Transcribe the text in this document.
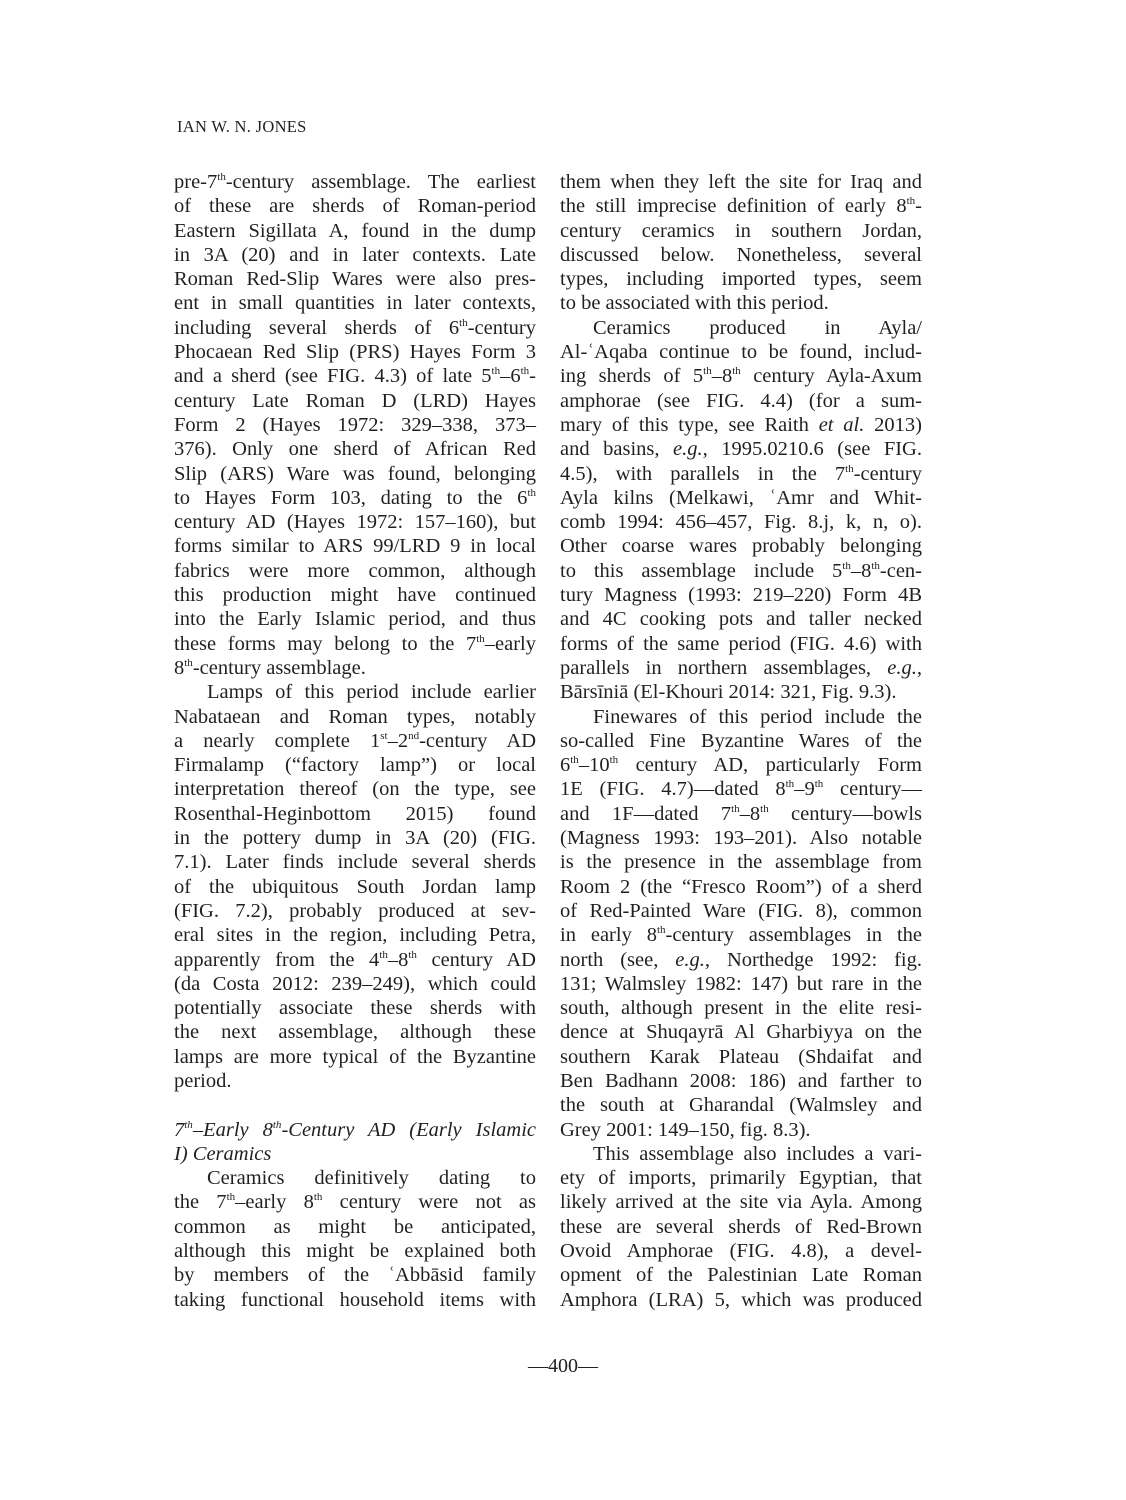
IAN W. N. JONES
pre-7th-century assemblage. The earliest
of these are sherds of Roman-period
Eastern Sigillata A, found in the dump
in 3A (20) and in later contexts. Late
Roman Red-Slip Wares were also pres-
ent in small quantities in later contexts,
including several sherds of 6th-century
Phocaean Red Slip (PRS) Hayes Form 3
and a sherd (see FIG. 4.3) of late 5th–6th-
century Late Roman D (LRD) Hayes
Form 2 (Hayes 1972: 329–338, 373–
376). Only one sherd of African Red
Slip (ARS) Ware was found, belonging
to Hayes Form 103, dating to the 6th
century AD (Hayes 1972: 157–160), but
forms similar to ARS 99/LRD 9 in local
fabrics were more common, although
this production might have continued
into the Early Islamic period, and thus
these forms may belong to the 7th–early
8th-century assemblage.
Lamps of this period include earlier
Nabataean and Roman types, notably
a nearly complete 1st–2nd-century AD
Firmalamp (“factory lamp”) or local
interpretation thereof (on the type, see
Rosenthal-Heginbottom 2015) found
in the pottery dump in 3A (20) (FIG.
7.1). Later finds include several sherds
of the ubiquitous South Jordan lamp
(FIG. 7.2), probably produced at sev-
eral sites in the region, including Petra,
apparently from the 4th–8th century AD
(da Costa 2012: 239–249), which could
potentially associate these sherds with
the next assemblage, although these
lamps are more typical of the Byzantine
period.
7th–Early 8th-Century AD (Early Islamic
I) Ceramics
Ceramics definitively dating to
the 7th–early 8th century were not as
common as might be anticipated,
although this might be explained both
by members of the ʿAbbāsid family
taking functional household items with
them when they left the site for Iraq and
the still imprecise definition of early 8th-
century ceramics in southern Jordan,
discussed below. Nonetheless, several
types, including imported types, seem
to be associated with this period.
Ceramics produced in Ayla/
Al-ʿAqaba continue to be found, includ-
ing sherds of 5th–8th century Ayla-Axum
amphorae (see FIG. 4.4) (for a sum-
mary of this type, see Raith et al. 2013)
and basins, e.g., 1995.0210.6 (see FIG.
4.5), with parallels in the 7th-century
Ayla kilns (Melkawi, ʿAmr and Whit-
comb 1994: 456–457, Fig. 8.j, k, n, o).
Other coarse wares probably belonging
to this assemblage include 5th–8th-cen-
tury Magness (1993: 219–220) Form 4B
and 4C cooking pots and taller necked
forms of the same period (FIG. 4.6) with
parallels in northern assemblages, e.g.,
Bārsīniā (El-Khouri 2014: 321, Fig. 9.3).
Finewares of this period include the
so-called Fine Byzantine Wares of the
6th–10th century AD, particularly Form
1E (FIG. 4.7)—dated 8th–9th century—
and 1F—dated 7th–8th century—bowls
(Magness 1993: 193–201). Also notable
is the presence in the assemblage from
Room 2 (the “Fresco Room”) of a sherd
of Red-Painted Ware (FIG. 8), common
in early 8th-century assemblages in the
north (see, e.g., Northedge 1992: fig.
131; Walmsley 1982: 147) but rare in the
south, although present in the elite resi-
dence at Shuqayrā Al Gharbiyya on the
southern Karak Plateau (Shdaifat and
Ben Badhann 2008: 186) and farther to
the south at Gharandal (Walmsley and
Grey 2001: 149–150, fig. 8.3).
This assemblage also includes a vari-
ety of imports, primarily Egyptian, that
likely arrived at the site via Ayla. Among
these are several sherds of Red-Brown
Ovoid Amphorae (FIG. 4.8), a devel-
opment of the Palestinian Late Roman
Amphora (LRA) 5, which was produced
—400—
